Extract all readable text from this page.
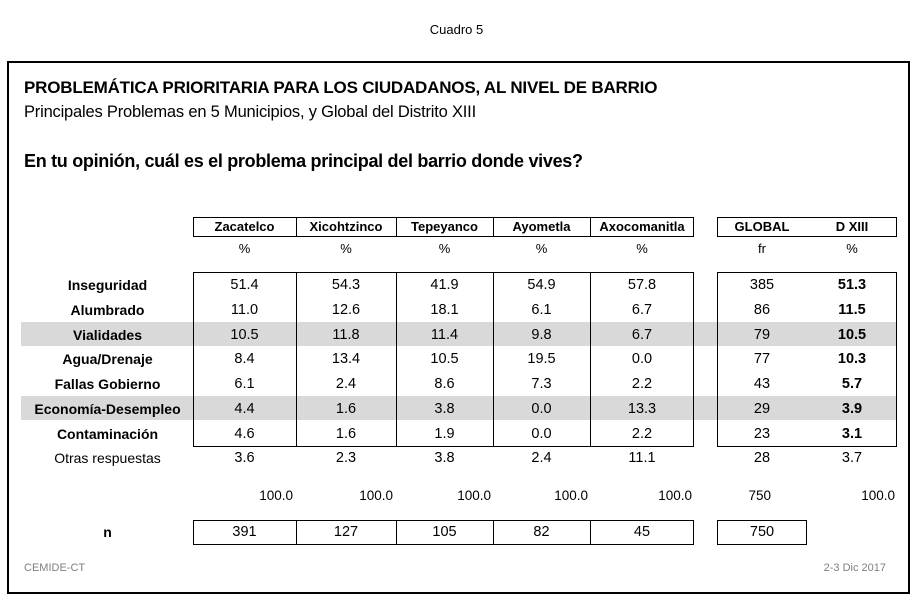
Cuadro 5
PROBLEMÁTICA PRIORITARIA PARA LOS CIUDADANOS, AL NIVEL DE BARRIO
Principales Problemas en 5 Municipios, y Global del Distrito XIII
En tu opinión, cuál es el problema principal del barrio donde vives?
Zacatelco	Xicohtzinco	Tepeyanco	Ayometla	Axocomanitla	GLOBAL	D XIII
%	%	%	%	%	fr	%
Inseguridad	51.4	54.3	41.9	54.9	57.8	385	51.3
Alumbrado	11.0	12.6	18.1	6.1	6.7	86	11.5
Vialidades	10.5	11.8	11.4	9.8	6.7	79	10.5
Agua/Drenaje	8.4	13.4	10.5	19.5	0.0	77	10.3
Fallas Gobierno	6.1	2.4	8.6	7.3	2.2	43	5.7
Economía-Desempleo	4.4	1.6	3.8	0.0	13.3	29	3.9
Contaminación	4.6	1.6	1.9	0.0	2.2	23	3.1
Otras respuestas	3.6	2.3	3.8	2.4	11.1	28	3.7
100.0	100.0	100.0	100.0	100.0	750	100.0
n	391	127	105	82	45	750
CEMIDE-CT	2-3 Dic 2017
